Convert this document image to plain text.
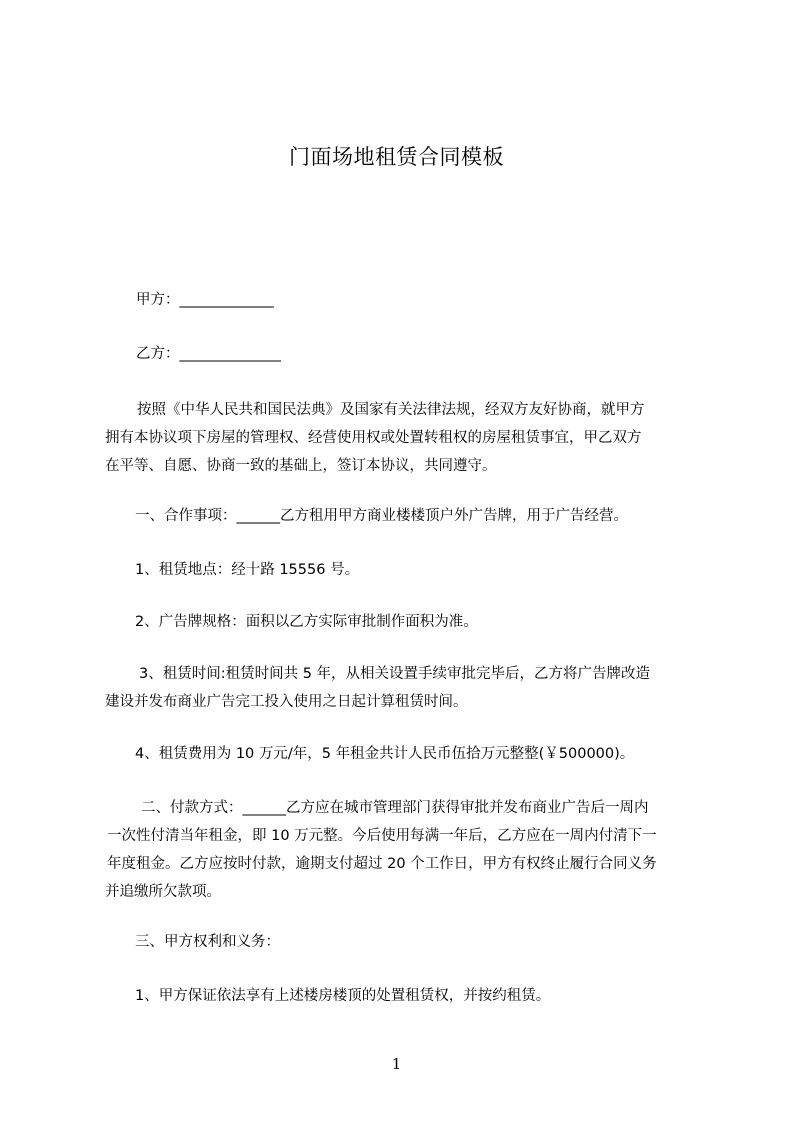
门面场地租赁合同模板
甲方：_____________
乙方：______________
按照《中华人民共和国民法典》及国家有关法律法规，经双方友好协商，就甲方
拥有本协议项下房屋的管理权、经营使用权或处置转租权的房屋租赁事宜，甲乙双方
在平等、自愿、协商一致的基础上，签订本协议，共同遵守。
一、合作事项：______乙方租用甲方商业楼楼顶户外广告牌，用于广告经营。
1、租赁地点：经十路 15556 号。
2、广告牌规格：面积以乙方实际审批制作面积为准。
3、租赁时间:租赁时间共 5 年，从相关设置手续审批完毕后，乙方将广告牌改造
建设并发布商业广告完工投入使用之日起计算租赁时间。
4、租赁费用为 10 万元/年，5 年租金共计人民币伍拾万元整整(￥500000)。
二、付款方式：______乙方应在城市管理部门获得审批并发布商业广告后一周内
一次性付清当年租金，即 10 万元整。今后使用每满一年后，乙方应在一周内付清下一
年度租金。乙方应按时付款，逾期支付超过 20 个工作日，甲方有权终止履行合同义务
并追缴所欠款项。
三、甲方权利和义务：
1、甲方保证依法享有上述楼房楼顶的处置租赁权，并按约租赁。
1
